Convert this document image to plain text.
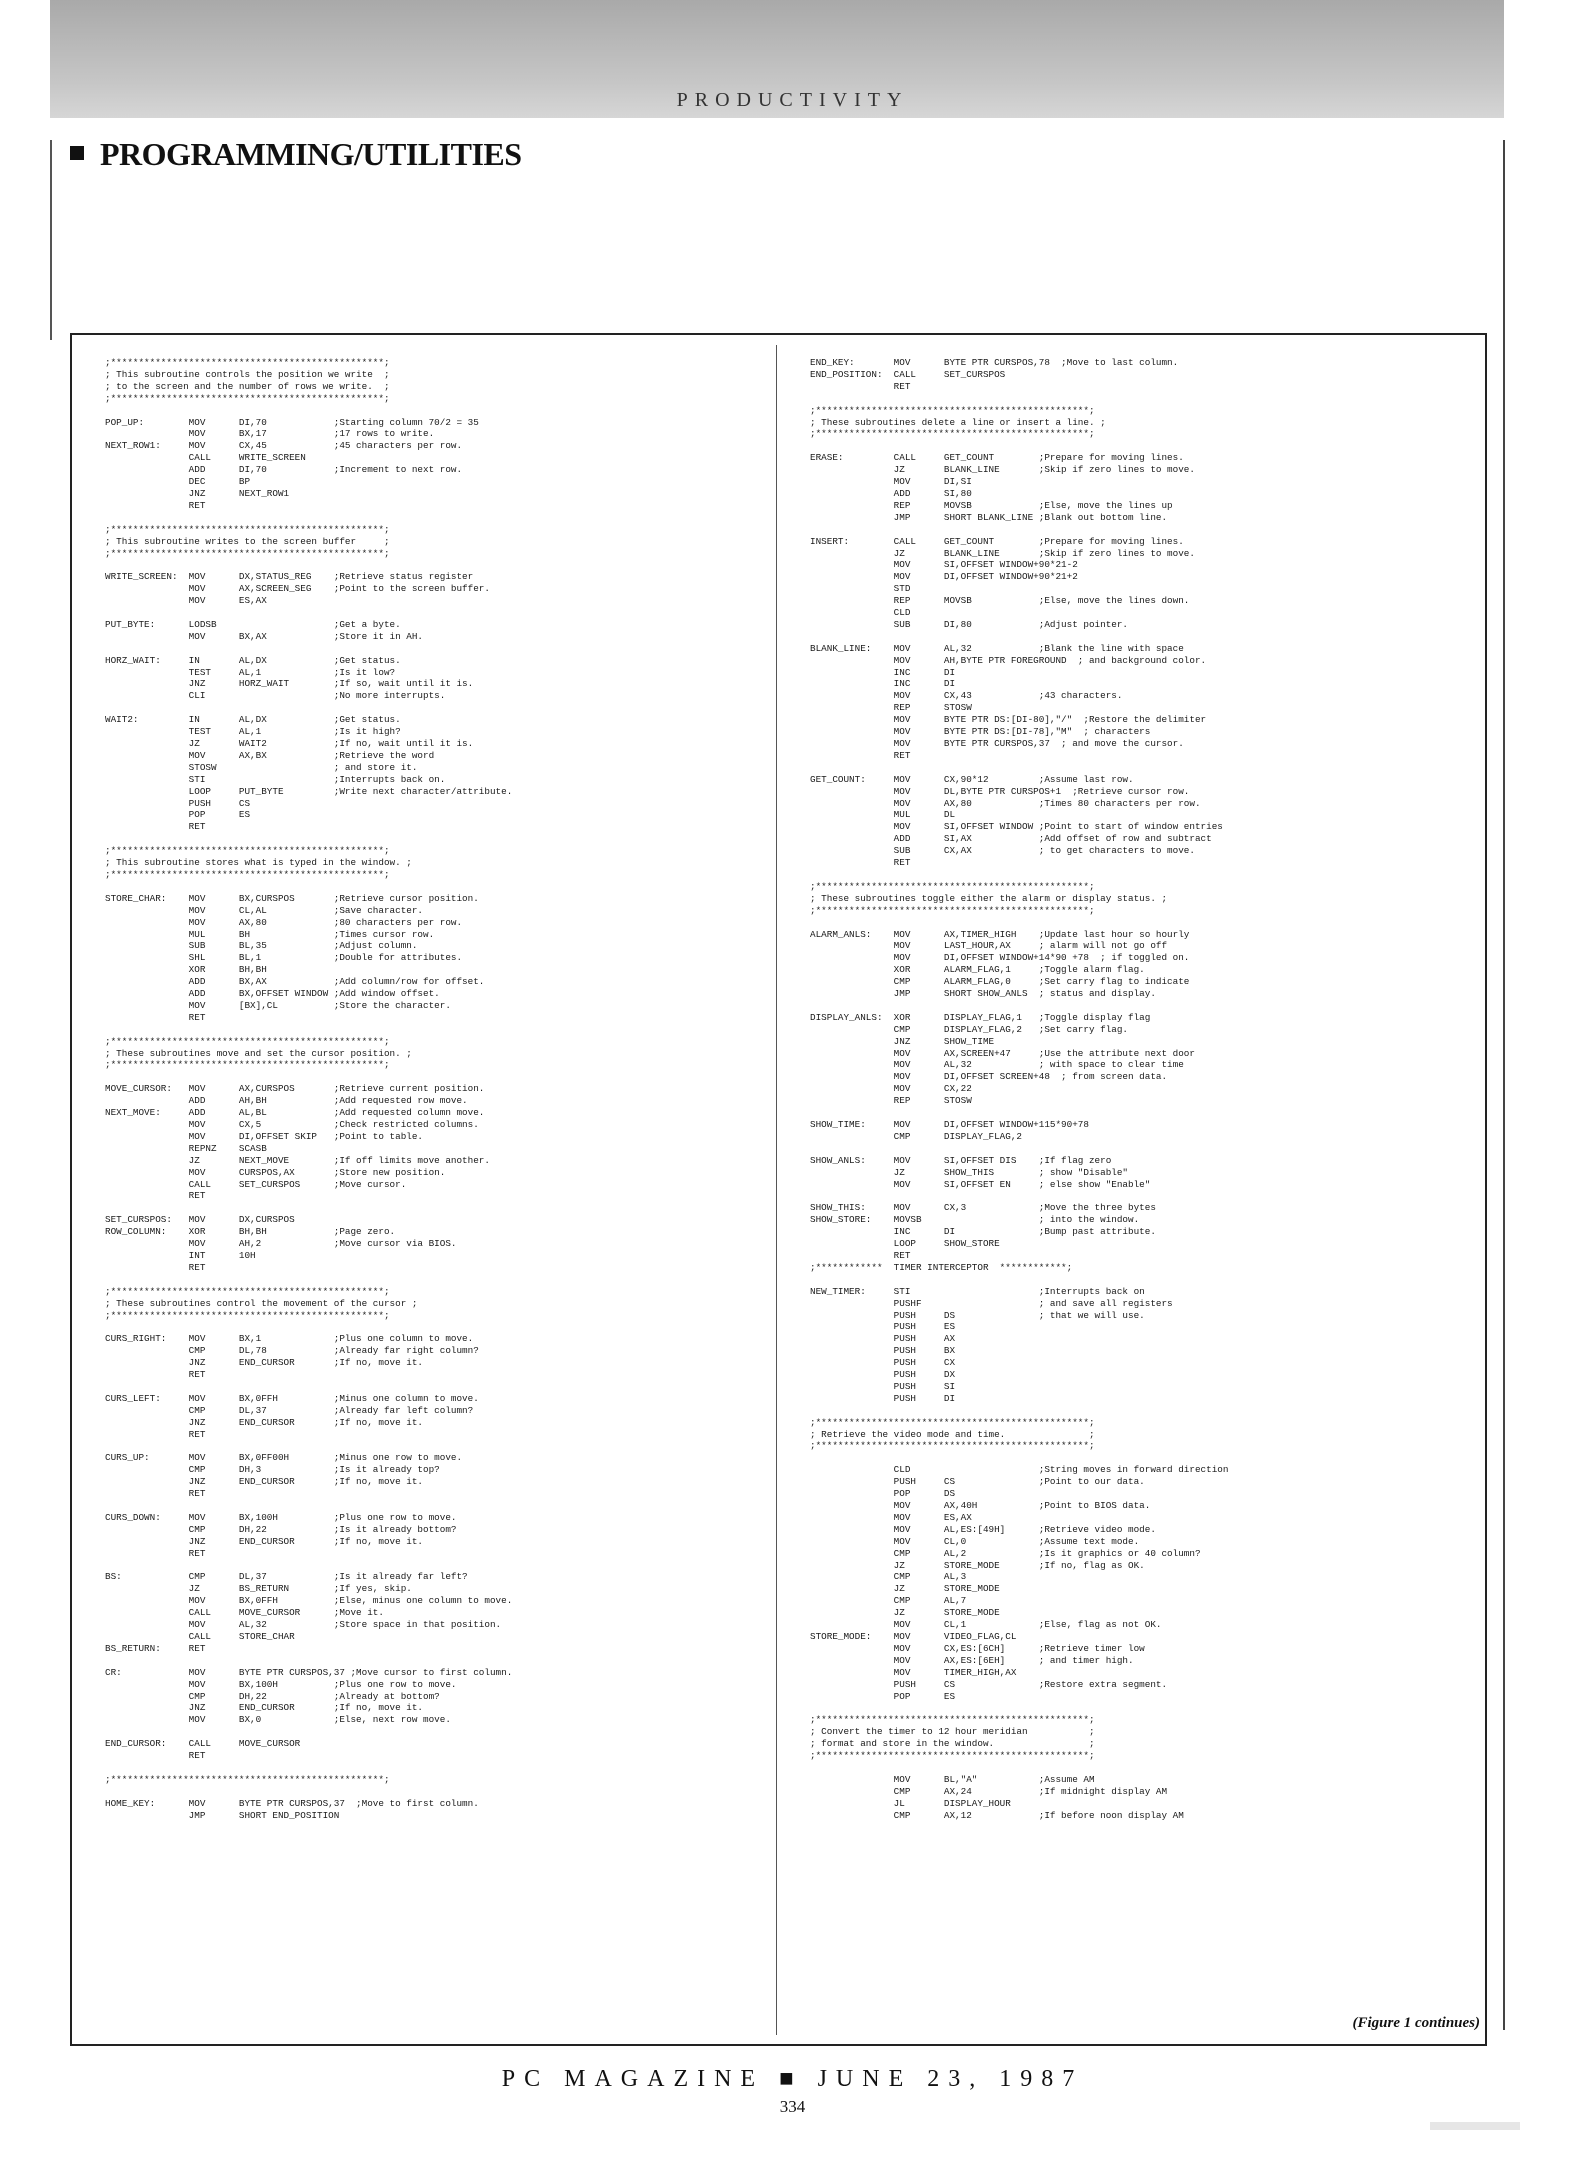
PRODUCTIVITY
PROGRAMMING/UTILITIES
;*************************************************;
; This subroutine controls the position we write  ;
; to the screen and the number of rows we write.  ;
;*************************************************;

POP_UP:        MOV      DI,70            ;Starting column 70/2 = 35
MOV      BX,17            ;17 rows to write.
NEXT_ROW1:     MOV      CX,45            ;45 characters per row.
CALL     WRITE_SCREEN
ADD      DI,70            ;Increment to next row.
DEC      BP
JNZ      NEXT_ROW1
RET

;*************************************************;
; This subroutine writes to the screen buffer     ;
;*************************************************;

WRITE_SCREEN:  MOV      DX,STATUS_REG    ;Retrieve status register
MOV      AX,SCREEN_SEG    ;Point to the screen buffer.
MOV      ES,AX

PUT_BYTE:      LODSB                     ;Get a byte.
MOV      BX,AX            ;Store it in AH.

HORZ_WAIT:     IN       AL,DX            ;Get status.
TEST     AL,1             ;Is it low?
JNZ      HORZ_WAIT        ;If so, wait until it is.
CLI                       ;No more interrupts.

WAIT2:         IN       AL,DX            ;Get status.
TEST     AL,1             ;Is it high?
JZ       WAIT2            ;If no, wait until it is.
MOV      AX,BX            ;Retrieve the word
STOSW                     ; and store it.
STI                       ;Interrupts back on.
LOOP     PUT_BYTE         ;Write next character/attribute.
PUSH     CS
POP      ES
RET

;*************************************************;
; This subroutine stores what is typed in the window. ;
;*************************************************;

STORE_CHAR:    MOV      BX,CURSPOS       ;Retrieve cursor position.
MOV      CL,AL            ;Save character.
MOV      AX,80            ;80 characters per row.
MUL      BH               ;Times cursor row.
SUB      BL,35            ;Adjust column.
SHL      BL,1             ;Double for attributes.
XOR      BH,BH
ADD      BX,AX            ;Add column/row for offset.
ADD      BX,OFFSET WINDOW ;Add window offset.
MOV      [BX],CL          ;Store the character.
RET

;*************************************************;
; These subroutines move and set the cursor position. ;
;*************************************************;

MOVE_CURSOR:   MOV      AX,CURSPOS       ;Retrieve current position.
ADD      AH,BH            ;Add requested row move.
NEXT_MOVE:     ADD      AL,BL            ;Add requested column move.
MOV      CX,5             ;Check restricted columns.
MOV      DI,OFFSET SKIP   ;Point to table.
REPNZ    SCASB
JZ       NEXT_MOVE        ;If off limits move another.
MOV      CURSPOS,AX       ;Store new position.
CALL     SET_CURSPOS      ;Move cursor.
RET

SET_CURSPOS:   MOV      DX,CURSPOS
ROW_COLUMN:    XOR      BH,BH            ;Page zero.
MOV      AH,2             ;Move cursor via BIOS.
INT      10H
RET

;*************************************************;
; These subroutines control the movement of the cursor ;
;*************************************************;

CURS_RIGHT:    MOV      BX,1             ;Plus one column to move.
CMP      DL,78            ;Already far right column?
JNZ      END_CURSOR       ;If no, move it.
RET

CURS_LEFT:     MOV      BX,0FFH          ;Minus one column to move.
CMP      DL,37            ;Already far left column?
JNZ      END_CURSOR       ;If no, move it.
RET

CURS_UP:       MOV      BX,0FF00H        ;Minus one row to move.
CMP      DH,3             ;Is it already top?
JNZ      END_CURSOR       ;If no, move it.
RET

CURS_DOWN:     MOV      BX,100H          ;Plus one row to move.
CMP      DH,22            ;Is it already bottom?
JNZ      END_CURSOR       ;If no, move it.
RET

BS:            CMP      DL,37            ;Is it already far left?
JZ       BS_RETURN        ;If yes, skip.
MOV      BX,0FFH          ;Else, minus one column to move.
CALL     MOVE_CURSOR      ;Move it.
MOV      AL,32            ;Store space in that position.
CALL     STORE_CHAR
BS_RETURN:     RET

CR:            MOV      BYTE PTR CURSPOS,37 ;Move cursor to first column.
MOV      BX,100H          ;Plus one row to move.
CMP      DH,22            ;Already at bottom?
JNZ      END_CURSOR       ;If no, move it.
MOV      BX,0             ;Else, next row move.

END_CURSOR:    CALL     MOVE_CURSOR
RET

;*************************************************;

HOME_KEY:      MOV      BYTE PTR CURSPOS,37  ;Move to first column.
JMP      SHORT END_POSITION
END_KEY:       MOV      BYTE PTR CURSPOS,78  ;Move to last column.
END_POSITION:  CALL     SET_CURSPOS
RET

;*************************************************;
; These subroutines delete a line or insert a line. ;
;*************************************************;

ERASE:         CALL     GET_COUNT        ;Prepare for moving lines.
JZ       BLANK_LINE       ;Skip if zero lines to move.
MOV      DI,SI
ADD      SI,80
REP      MOVSB            ;Else, move the lines up
JMP      SHORT BLANK_LINE ;Blank out bottom line.

INSERT:        CALL     GET_COUNT        ;Prepare for moving lines.
JZ       BLANK_LINE       ;Skip if zero lines to move.
MOV      SI,OFFSET WINDOW+90*21-2
MOV      DI,OFFSET WINDOW+90*21+2
STD
REP      MOVSB            ;Else, move the lines down.
CLD
SUB      DI,80            ;Adjust pointer.

BLANK_LINE:    MOV      AL,32            ;Blank the line with space
MOV      AH,BYTE PTR FOREGROUND  ; and background color.
INC      DI
INC      DI
MOV      CX,43            ;43 characters.
REP      STOSW
MOV      BYTE PTR DS:[DI-80],"/"  ;Restore the delimiter
MOV      BYTE PTR DS:[DI-78],"M"  ; characters
MOV      BYTE PTR CURSPOS,37  ; and move the cursor.
RET

GET_COUNT:     MOV      CX,90*12         ;Assume last row.
MOV      DL,BYTE PTR CURSPOS+1  ;Retrieve cursor row.
MOV      AX,80            ;Times 80 characters per row.
MUL      DL
MOV      SI,OFFSET WINDOW ;Point to start of window entries
ADD      SI,AX            ;Add offset of row and subtract
SUB      CX,AX            ; to get characters to move.
RET

;*************************************************;
; These subroutines toggle either the alarm or display status. ;
;*************************************************;

ALARM_ANLS:    MOV      AX,TIMER_HIGH    ;Update last hour so hourly
MOV      LAST_HOUR,AX     ; alarm will not go off
MOV      DI,OFFSET WINDOW+14*90 +78  ; if toggled on.
XOR      ALARM_FLAG,1     ;Toggle alarm flag.
CMP      ALARM_FLAG,0     ;Set carry flag to indicate
JMP      SHORT SHOW_ANLS  ; status and display.

DISPLAY_ANLS:  XOR      DISPLAY_FLAG,1   ;Toggle display flag
CMP      DISPLAY_FLAG,2   ;Set carry flag.
JNZ      SHOW_TIME
MOV      AX,SCREEN+47     ;Use the attribute next door
MOV      AL,32            ; with space to clear time
MOV      DI,OFFSET SCREEN+48  ; from screen data.
MOV      CX,22
REP      STOSW

SHOW_TIME:     MOV      DI,OFFSET WINDOW+115*90+78
CMP      DISPLAY_FLAG,2

SHOW_ANLS:     MOV      SI,OFFSET DIS    ;If flag zero
JZ       SHOW_THIS        ; show "Disable"
MOV      SI,OFFSET EN     ; else show "Enable"

SHOW_THIS:     MOV      CX,3             ;Move the three bytes
SHOW_STORE:    MOVSB                     ; into the window.
INC      DI               ;Bump past attribute.
LOOP     SHOW_STORE
RET
;************  TIMER INTERCEPTOR  ************;

NEW_TIMER:     STI                       ;Interrupts back on
PUSHF                     ; and save all registers
PUSH     DS               ; that we will use.
PUSH     ES
PUSH     AX
PUSH     BX
PUSH     CX
PUSH     DX
PUSH     SI
PUSH     DI

;*************************************************;
; Retrieve the video mode and time.               ;
;*************************************************;

CLD                       ;String moves in forward direction
PUSH     CS               ;Point to our data.
POP      DS
MOV      AX,40H           ;Point to BIOS data.
MOV      ES,AX
MOV      AL,ES:[49H]      ;Retrieve video mode.
MOV      CL,0             ;Assume text mode.
CMP      AL,2             ;Is it graphics or 40 column?
JZ       STORE_MODE       ;If no, flag as OK.
CMP      AL,3
JZ       STORE_MODE
CMP      AL,7
JZ       STORE_MODE
MOV      CL,1             ;Else, flag as not OK.
STORE_MODE:    MOV      VIDEO_FLAG,CL
MOV      CX,ES:[6CH]      ;Retrieve timer low
MOV      AX,ES:[6EH]      ; and timer high.
MOV      TIMER_HIGH,AX
PUSH     CS               ;Restore extra segment.
POP      ES

;*************************************************;
; Convert the timer to 12 hour meridian           ;
; format and store in the window.                 ;
;*************************************************;

MOV      BL,"A"           ;Assume AM
CMP      AX,24            ;If midnight display AM
JL       DISPLAY_HOUR
CMP      AX,12            ;If before noon display AM
(Figure 1 continues)
PC MAGAZINE ■ JUNE 23, 1987
334
